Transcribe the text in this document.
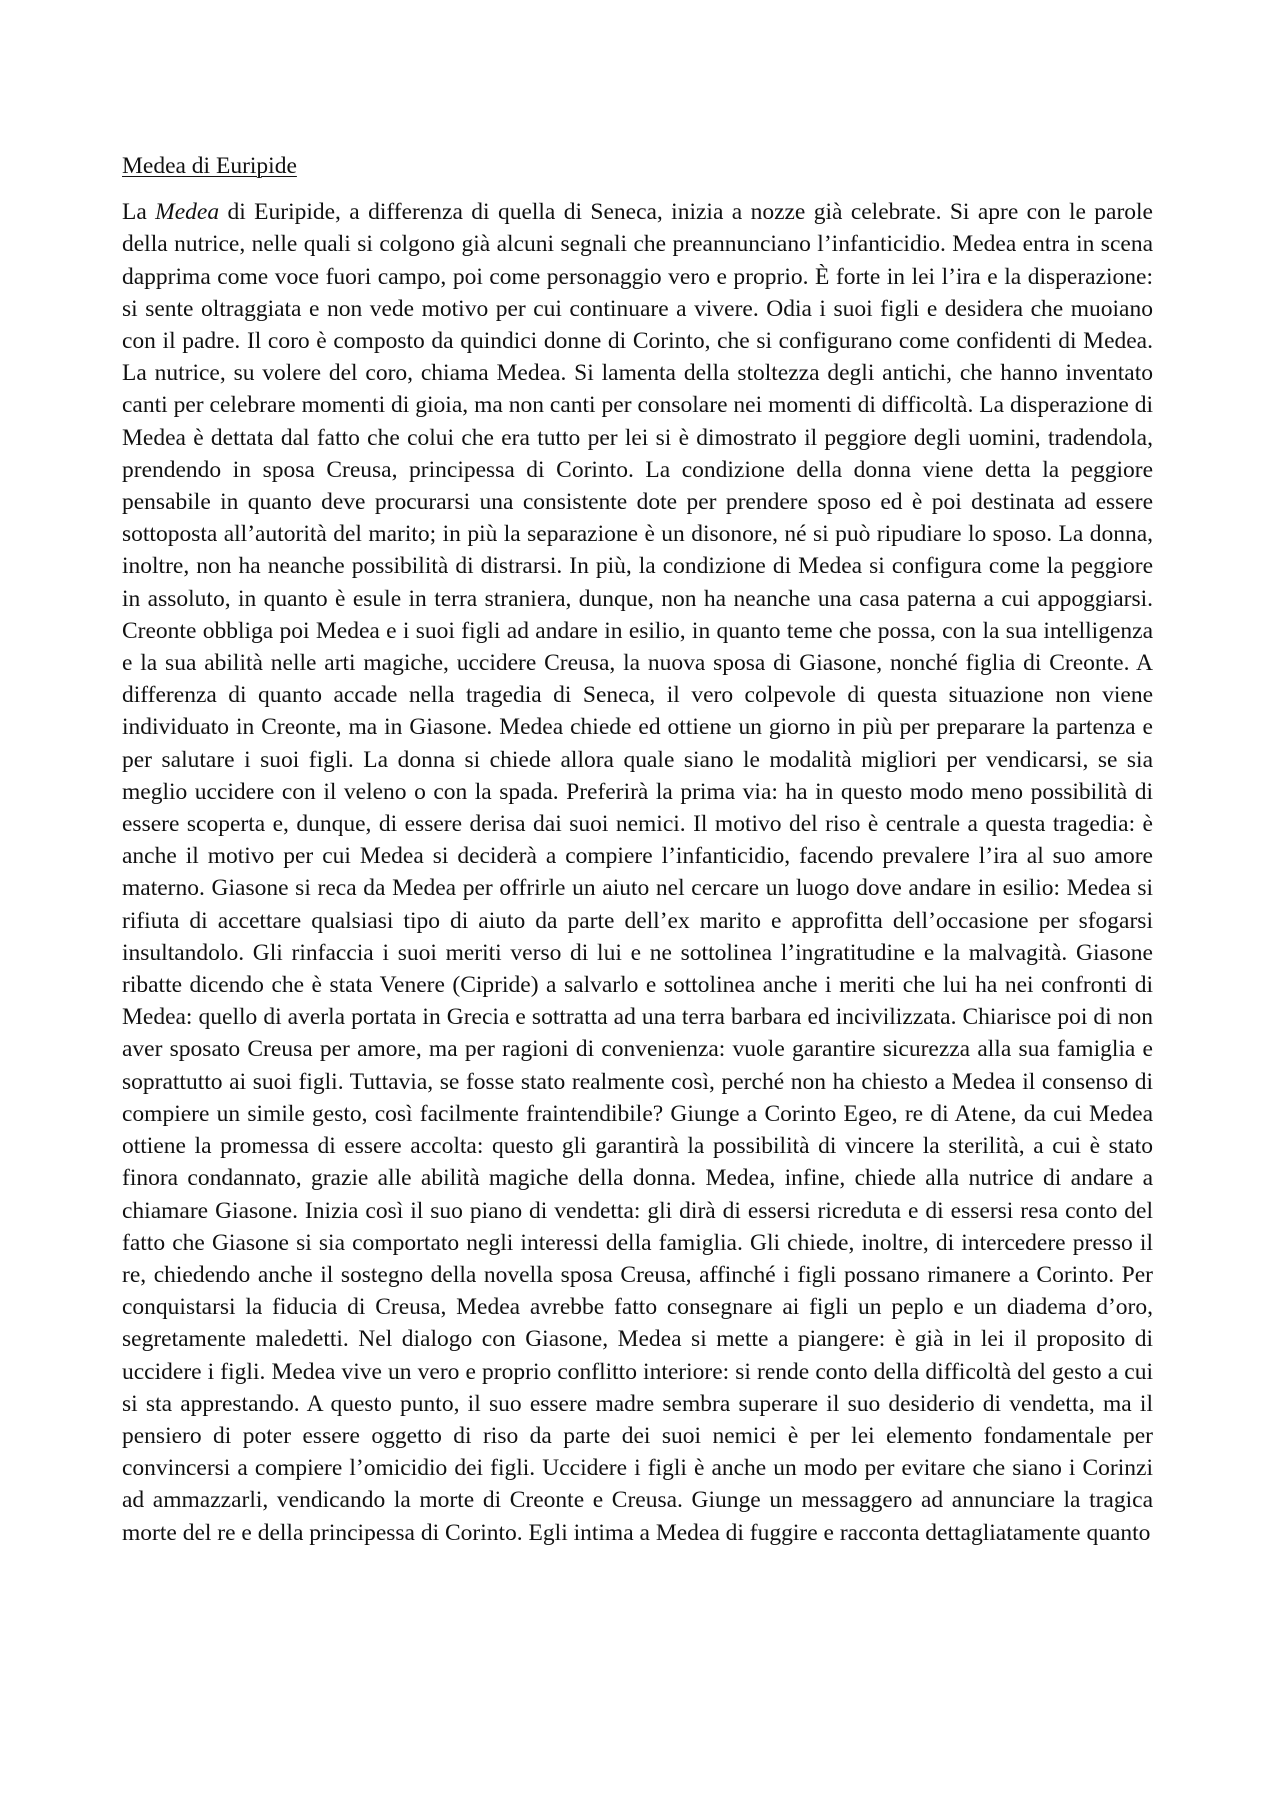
Medea di Euripide

La Medea di Euripide, a differenza di quella di Seneca, inizia a nozze già celebrate. Si apre con le parole della nutrice, nelle quali si colgono già alcuni segnali che preannunciano l’infanticidio. Medea entra in scena dapprima come voce fuori campo, poi come personaggio vero e proprio. È forte in lei l’ira e la disperazione: si sente oltraggiata e non vede motivo per cui continuare a vivere. Odia i suoi figli e desidera che muoiano con il padre. Il coro è composto da quindici donne di Corinto, che si configurano come confidenti di Medea. La nutrice, su volere del coro, chiama Medea. Si lamenta della stoltezza degli antichi, che hanno inventato canti per celebrare momenti di gioia, ma non canti per consolare nei momenti di difficoltà. La disperazione di Medea è dettata dal fatto che colui che era tutto per lei si è dimostrato il peggiore degli uomini, tradendola, prendendo in sposa Creusa, principessa di Corinto. La condizione della donna viene detta la peggiore pensabile in quanto deve procurarsi una consistente dote per prendere sposo ed è poi destinata ad essere sottoposta all’autorità del marito; in più la separazione è un disonore, né si può ripudiare lo sposo. La donna, inoltre, non ha neanche possibilità di distrarsi. In più, la condizione di Medea si configura come la peggiore in assoluto, in quanto è esule in terra straniera, dunque, non ha neanche una casa paterna a cui appoggiarsi. Creonte obbliga poi Medea e i suoi figli ad andare in esilio, in quanto teme che possa, con la sua intelligenza e la sua abilità nelle arti magiche, uccidere Creusa, la nuova sposa di Giasone, nonché figlia di Creonte. A differenza di quanto accade nella tragedia di Seneca, il vero colpevole di questa situazione non viene individuato in Creonte, ma in Giasone. Medea chiede ed ottiene un giorno in più per preparare la partenza e per salutare i suoi figli. La donna si chiede allora quale siano le modalità migliori per vendicarsi, se sia meglio uccidere con il veleno o con la spada. Preferirà la prima via: ha in questo modo meno possibilità di essere scoperta e, dunque, di essere derisa dai suoi nemici. Il motivo del riso è centrale a questa tragedia: è anche il motivo per cui Medea si deciderà a compiere l’infanticidio, facendo prevalere l’ira al suo amore materno. Giasone si reca da Medea per offrirle un aiuto nel cercare un luogo dove andare in esilio: Medea si rifiuta di accettare qualsiasi tipo di aiuto da parte dell’ex marito e approfitta dell’occasione per sfogarsi insultandolo. Gli rinfaccia i suoi meriti verso di lui e ne sottolinea l’ingratitudine e la malvagità. Giasone ribatte dicendo che è stata Venere (Cipride) a salvarlo e sottolinea anche i meriti che lui ha nei confronti di Medea: quello di averla portata in Grecia e sottratta ad una terra barbara ed incivilizzata. Chiarisce poi di non aver sposato Creusa per amore, ma per ragioni di convenienza: vuole garantire sicurezza alla sua famiglia e soprattutto ai suoi figli. Tuttavia, se fosse stato realmente così, perché non ha chiesto a Medea il consenso di compiere un simile gesto, così facilmente fraintendibile? Giunge a Corinto Egeo, re di Atene, da cui Medea ottiene la promessa di essere accolta: questo gli garantirà la possibilità di vincere la sterilità, a cui è stato finora condannato, grazie alle abilità magiche della donna. Medea, infine, chiede alla nutrice di andare a chiamare Giasone. Inizia così il suo piano di vendetta: gli dirà di essersi ricreduta e di essersi resa conto del fatto che Giasone si sia comportato negli interessi della famiglia. Gli chiede, inoltre, di intercedere presso il re, chiedendo anche il sostegno della novella sposa Creusa, affinché i figli possano rimanere a Corinto. Per conquistarsi la fiducia di Creusa, Medea avrebbe fatto consegnare ai figli un peplo e un diadema d’oro, segretamente maledetti. Nel dialogo con Giasone, Medea si mette a piangere: è già in lei il proposito di uccidere i figli. Medea vive un vero e proprio conflitto interiore: si rende conto della difficoltà del gesto a cui si sta apprestando. A questo punto, il suo essere madre sembra superare il suo desiderio di vendetta, ma il pensiero di poter essere oggetto di riso da parte dei suoi nemici è per lei elemento fondamentale per convincersi a compiere l’omicidio dei figli. Uccidere i figli è anche un modo per evitare che siano i Corinzi ad ammazzarli, vendicando la morte di Creonte e Creusa. Giunge un messaggero ad annunciare la tragica morte del re e della principessa di Corinto. Egli intima a Medea di fuggire e racconta dettagliatamente quanto
